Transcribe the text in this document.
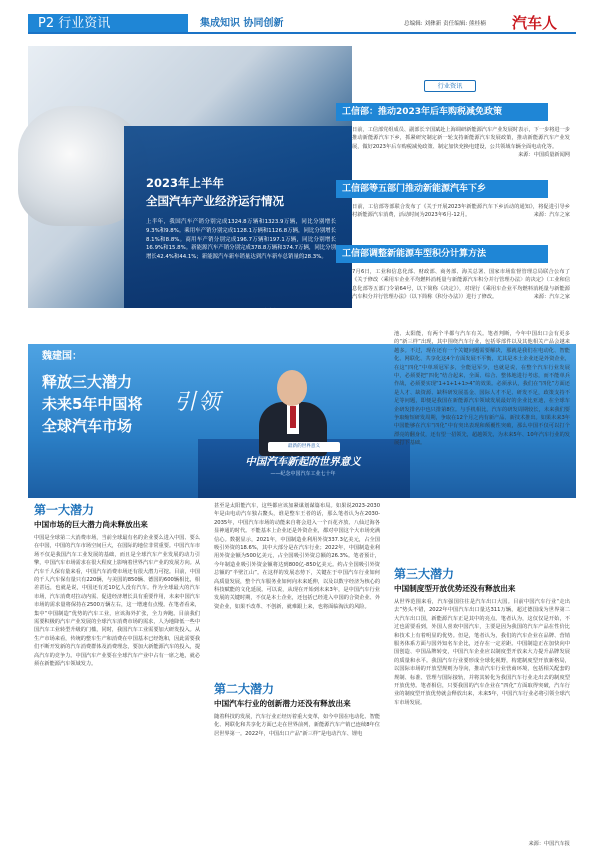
P2 行业资讯	集成知识 协同创新	总编辑: 刘彝新 责任编辑: 熊桂楠 汽车人
2023年上半年
全国汽车产业经济运行情况
上半年，我国汽车产销分别完成1324.8万辆和1323.9万辆，同比分别增长9.3%和9.8%。乘用车产销分别完成1128.1万辆和1126.8万辆，同比分别增长8.1%和8.8%。商用车产销分别完成196.7万辆和197.1万辆，同比分别增长16.9%和15.8%。新能源汽车产销分别完成378.8万辆和374.7万辆，同比分别增长42.4%和44.1%；新能源汽车新车销量达到汽车新车总销量的28.3%。
来源：湖南省工业和信息化厅
行业资讯
工信部：推动2023年后车购税减免政策
日前，工信部党组成员、副部长辛国斌赴上海调研新能源汽车产业发展时表示，下一步将进一步推动新能源汽车下乡，抓紧研究制定新一轮支持新能源汽车发展政策，推动新能源汽车产业发展，做好2023年后车购税减免政策、制定加快充换电建设，公共领域车辆全面电动化等。
来源：中国质量新闻网
工信部等五部门推动新能源汽车下乡
日前，工信部等部联合发布了《关于开展2023年新能源汽车下乡活动的通知》，将促进引导乡村新能源汽车消费，活动时间为2023年6月-12月。	来源：汽车之家
工信部调整新能源车型积分计算方法
7月6日，工业和信息化部、财政部、商务部、海关总署、国家市场监督管理总局联合公布了《关于修改〈乘用车企业平均燃料消耗量与新能源汽车积分并行管理办法〉的决定》（工业和信息化部等五部门令第64号，以下简称《决定》），对现行《乘用车企业平均燃料消耗量与新能源汽车积分并行管理办法》（以下简称《积分办法》）进行了修改。	来源：汽车之家
魏建国：
释放三大潜力
未来5年中国将 引领
全球汽车市场
最新的世界意义
中国汽车新起的世界意义
——纪念中国汽车工业七十年
第一大潜力
中国市场的巨大潜力尚未释放出来
中国是全球第二大消费市场，当前全球最有名的企业要么进入中国、要么在中国，中国的汽车市场空间巨大，在国际的地位非常重要。中国汽车市场不仅是我国汽车工业发展的基础，而且是全球汽车产业发展的动力引擎，中国汽车市场需求在很大程度上影响着世界汽车产业的发展方向。从汽车千人保有量来看，中国汽车消费市场还有很大潜力可挖。目前，中国的千人汽车保有量只有220辆，与美国的850辆、德国的600辆相比，相差甚远，也就是说，中国还有近10亿人没有汽车。作为全球最大的汽车市场，汽车消费对拉动内需、促进经济增长具有重要作用，未来中国汽车市场的需求量将保持在2500万辆左右，这一增速有点慢。在笔者看来，集中“中国制造”优势的汽车工业，应该海外扩张，全力奔跑。目前我们需要积极的汽车产业发展的全球汽车消费市场的需求，人为地降低一些中国汽车工业转型升级的门槛，同时，我国汽车工业需要加大研发投入。从生产市场来看，传统的整车生产和消费在中国基本已经饱和，因此需要我们不断开发新的汽车消费群体及消费理念，要加大新能源汽车的投入，提高汽车的竞争力。中国汽车产业要在全球汽车产业中占有一席之地，就必须在新能源汽车领域发力。
甚至是太阳能汽车，这些都应该加紧谋划谋篇布局。如果说2023-2030年是由电动汽车独占鳌头，谁是整车王者的话，那么笔者认为在2030-2035年，中国汽车市场的动能来自将会进入一个百花齐放、八仙过海各显神通的时代。不能基本上企业还是外资企业，都对中国这个大市场充满信心。数据显示，2021年，中国制造业利用外资337.3亿美元，占全国吸引外资的18.6%，其中大部分是在汽车行业；2022年，中国制造业利用外资金额为500亿美元，占全国吸引外资总额的26.3%。笔者预计，今年制造业吸引外资金额将达到800亿-850亿美元。约占全国吸引外资总额的“半壁江山”。在这样的发展态势下，关键在于中国汽车行业如何高质量发展，整个汽车服务业如何向未来延伸，以及以数字经济为核心的科技赋能的文化延展。可以说，从现在开始到未来3年，是中国汽车行业发展的关键时期，不仅是本土企业，还包括已经进入中国的合资企业、外资企业，如果不改革、不创新，就难跟上来，也将面临淘汰的风险。
第二大潜力
中国汽车行业的创新潜力还没有释放出来
随着科技的发展，汽车行业正经历着重大变革，如今中国在电动化、智能化、网联化和共享化方面已走在世界前列，新能源汽车产销已连续8年位居世界第一。2022年，中国出口产品“新三样”是电动汽车、锂电
池、太阳能，有两个半都与汽车有关。笔者判断，今年中国出口会有更多的“新三样”出现，其中围绕汽车行业，包括零部件以及其他相关产品会越来越多。不过，现在还有一个关键问题需要解决，那就是我们在电动化、智能化、网联化、共享化这4个方面发展不平衡，尤其是本土企业还是外资企业，在这“四化”中单项冠军多，全能冠军少，也就是说，在整个汽车行业发展中，必须要把“四化”结合起来，全面、综合、整体地进行考虑，而不能单兵作战，必须要实现“1+1+1+1>4”的效果。必须承认，我们在“四化”方面还是人才、缺资源、缺科研发展基金、国际人才不足、研发不足，政策支持不足等问题，即便是我国在新能源汽车领域发展最好的企业比亚迪，在全球车企研发排名中也只排第8位。与手机相比，汽车的研发周期较长，未来我们要争取缩短研发周期，争取在12个月之内有新产品、新技术推出。如果未来3年中国能够在汽车“四化”中有突出表现和颠覆性突破，那么中国不仅可以打个漂亮的翻身仗，还有望一招领先，超越领先，为未来5年、10年汽车行业的发展打下基础。
第三大潜力
中国制度型开放优势还没有释放出来
从世界范围来看，汽车强国往往是汽车出口大国。目前中国汽车行业“走出去”势头不错，2022年中国汽车出口量达311万辆，超过德国成为世界第二大汽车出口国，新能源汽车正是其中的亮点。笔者认为，这仅仅是开始，不过也需要看到，外国人喜欢中国汽车，主要是因为我国的汽车产品在性价比和技术上有着明显的优势。但是，笔者认为，我们的汽车企业在品牌、营销服务体系方面与国外知名车企比，还存在一定差距。中国制造正在加快向中国创造、中国品牌转变，中国汽车企业应以制度型开放来大力提升品牌发展的质量和水平。我国汽车行业要形成全球化视野，构建制度型开放新格局，以国际市场的开放型规则为导向，推动汽车行业营商环境，包括相关配套的规制、标准、管理与国际接轨，并将其转化为我国汽车行业走出去的制度型开放优势。笔者相信，只要我国的汽车企业在“四化”方面取得突破，汽车行业的制度型开放优势就会释放出来，未来5年，中国汽车行业必将引领全球汽车市场发展。
来源：中国汽车报
